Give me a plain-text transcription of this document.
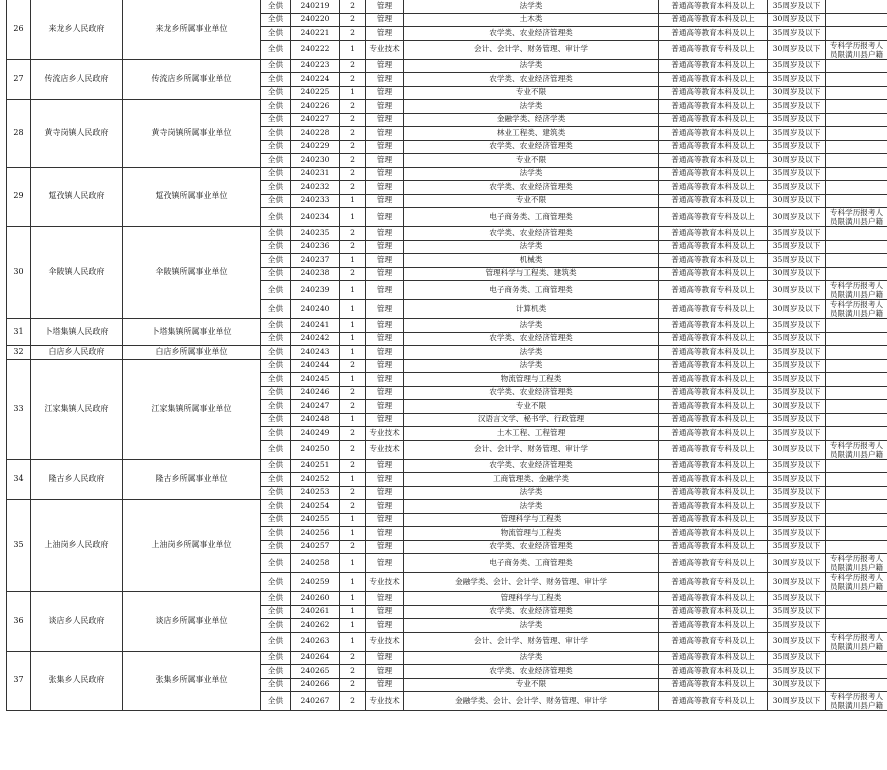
26	来龙乡人民政府	来龙乡所属事业单位	全供	240219	2	管理	法学类	普通高等教育本科及以上	35周岁及以下	
			全供	240220	2	管理	土木类	普通高等教育本科及以上	30周岁及以下	
			全供	240221	2	管理	农学类、农业经济管理类	普通高等教育本科及以上	35周岁及以下	
			全供	240222	1	专业技术	会计、会计学、财务管理、审计学	普通高等教育专科及以上	30周岁及以下	专科学历报考人员限潢川县户籍
27	传流店乡人民政府	传流店乡所属事业单位	全供	240223	2	管理	法学类	普通高等教育本科及以上	35周岁及以下	
			全供	240224	2	管理	农学类、农业经济管理类	普通高等教育本科及以上	35周岁及以下	
			全供	240225	1	管理	专业不限	普通高等教育本科及以上	30周岁及以下	
28	黄寺岗镇人民政府	黄寺岗镇所属事业单位	全供	240226	2	管理	法学类	普通高等教育本科及以上	35周岁及以下	
			全供	240227	2	管理	金融学类、经济学类	普通高等教育本科及以上	35周岁及以下	
			全供	240228	2	管理	林业工程类、建筑类	普通高等教育本科及以上	35周岁及以下	
			全供	240229	2	管理	农学类、农业经济管理类	普通高等教育本科及以上	35周岁及以下	
			全供	240230	2	管理	专业不限	普通高等教育本科及以上	30周岁及以下	
29	踅孜镇人民政府	踅孜镇所属事业单位	全供	240231	2	管理	法学类	普通高等教育本科及以上	35周岁及以下	
			全供	240232	2	管理	农学类、农业经济管理类	普通高等教育本科及以上	35周岁及以下	
			全供	240233	1	管理	专业不限	普通高等教育本科及以上	30周岁及以下	
			全供	240234	1	管理	电子商务类、工商管理类	普通高等教育专科及以上	30周岁及以下	专科学历报考人员限潢川县户籍
30	伞陂镇人民政府	伞陂镇所属事业单位	全供	240235	2	管理	农学类、农业经济管理类	普通高等教育本科及以上	35周岁及以下	
			全供	240236	2	管理	法学类	普通高等教育本科及以上	35周岁及以下	
			全供	240237	1	管理	机械类	普通高等教育本科及以上	35周岁及以下	
			全供	240238	2	管理	管理科学与工程类、建筑类	普通高等教育本科及以上	30周岁及以下	
			全供	240239	1	管理	电子商务类、工商管理类	普通高等教育专科及以上	30周岁及以下	专科学历报考人员限潢川县户籍
			全供	240240	1	管理	计算机类	普通高等教育专科及以上	30周岁及以下	专科学历报考人员限潢川县户籍
31	卜塔集镇人民政府	卜塔集镇所属事业单位	全供	240241	1	管理	法学类	普通高等教育本科及以上	35周岁及以下	
			全供	240242	1	管理	农学类、农业经济管理类	普通高等教育本科及以上	35周岁及以下	
32	白店乡人民政府	白店乡所属事业单位	全供	240243	1	管理	法学类	普通高等教育本科及以上	35周岁及以下	
33	江家集镇人民政府	江家集镇所属事业单位	全供	240244	2	管理	法学类	普通高等教育本科及以上	35周岁及以下	
			全供	240245	1	管理	物流管理与工程类	普通高等教育本科及以上	35周岁及以下	
			全供	240246	2	管理	农学类、农业经济管理类	普通高等教育本科及以上	35周岁及以下	
			全供	240247	2	管理	专业不限	普通高等教育本科及以上	30周岁及以下	
			全供	240248	1	管理	汉语言文学、秘书学、行政管理	普通高等教育本科及以上	35周岁及以下	
			全供	240249	2	专业技术	土木工程、工程管理	普通高等教育本科及以上	35周岁及以下	
			全供	240250	2	专业技术	会计、会计学、财务管理、审计学	普通高等教育专科及以上	30周岁及以下	专科学历报考人员限潢川县户籍
34	隆古乡人民政府	隆古乡所属事业单位	全供	240251	2	管理	农学类、农业经济管理类	普通高等教育本科及以上	35周岁及以下	
			全供	240252	1	管理	工商管理类、金融学类	普通高等教育本科及以上	35周岁及以下	
			全供	240253	2	管理	法学类	普通高等教育本科及以上	35周岁及以下	
35	上油岗乡人民政府	上油岗乡所属事业单位	全供	240254	2	管理	法学类	普通高等教育本科及以上	35周岁及以下	
			全供	240255	1	管理	管理科学与工程类	普通高等教育本科及以上	35周岁及以下	
			全供	240256	1	管理	物流管理与工程类	普通高等教育本科及以上	35周岁及以下	
			全供	240257	2	管理	农学类、农业经济管理类	普通高等教育本科及以上	35周岁及以下	
			全供	240258	1	管理	电子商务类、工商管理类	普通高等教育专科及以上	30周岁及以下	专科学历报考人员限潢川县户籍
			全供	240259	1	专业技术	金融学类、会计、会计学、财务管理、审计学	普通高等教育专科及以上	30周岁及以下	专科学历报考人员限潢川县户籍
36	谈店乡人民政府	谈店乡所属事业单位	全供	240260	1	管理	管理科学与工程类	普通高等教育本科及以上	35周岁及以下	
			全供	240261	1	管理	农学类、农业经济管理类	普通高等教育本科及以上	35周岁及以下	
			全供	240262	1	管理	法学类	普通高等教育本科及以上	35周岁及以下	
			全供	240263	1	专业技术	会计、会计学、财务管理、审计学	普通高等教育专科及以上	30周岁及以下	专科学历报考人员限潢川县户籍
37	张集乡人民政府	张集乡所属事业单位	全供	240264	2	管理	法学类	普通高等教育本科及以上	35周岁及以下	
			全供	240265	2	管理	农学类、农业经济管理类	普通高等教育本科及以上	35周岁及以下	
			全供	240266	2	管理	专业不限	普通高等教育本科及以上	30周岁及以下	
			全供	240267	2	专业技术	金融学类、会计、会计学、财务管理、审计学	普通高等教育专科及以上	30周岁及以下	专科学历报考人员限潢川县户籍
